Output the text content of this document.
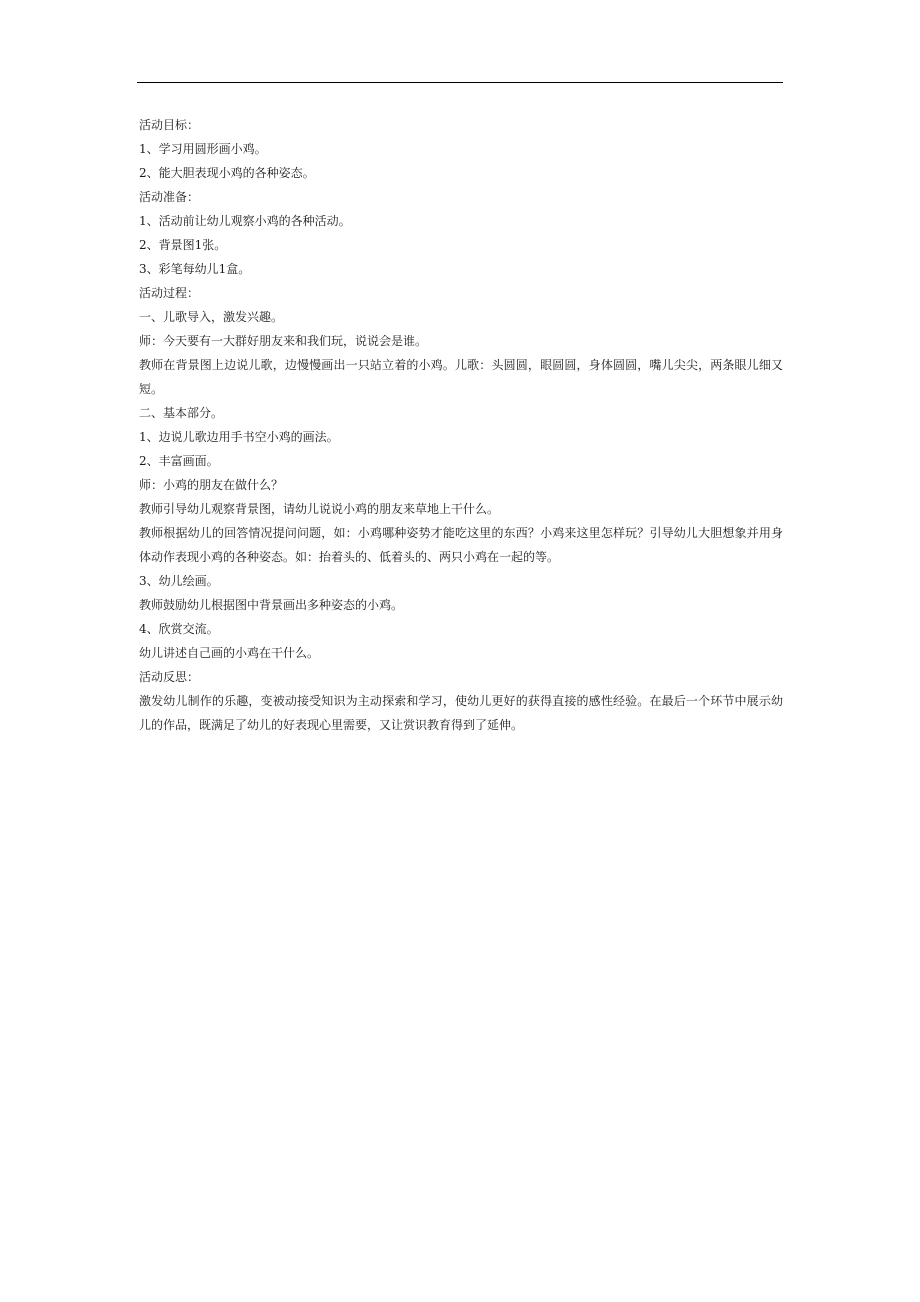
活动目标：

1、学习用圆形画小鸡。

2、能大胆表现小鸡的各种姿态。

活动准备：

1、活动前让幼儿观察小鸡的各种活动。

2、背景图1张。

3、彩笔每幼儿1盒。

活动过程：

一、儿歌导入，激发兴趣。

师：今天要有一大群好朋友来和我们玩，说说会是谁。

教师在背景图上边说儿歌，边慢慢画出一只站立着的小鸡。儿歌：头圆圆，眼圆圆，身体圆圆，嘴儿尖尖，两条眼儿细又短。

二、基本部分。

1、边说儿歌边用手书空小鸡的画法。

2、丰富画面。

师：小鸡的朋友在做什么？

教师引导幼儿观察背景图，请幼儿说说小鸡的朋友来草地上干什么。

教师根据幼儿的回答情况提问问题，如：小鸡哪种姿势才能吃这里的东西？小鸡来这里怎样玩？引导幼儿大胆想象并用身体动作表现小鸡的各种姿态。如：抬着头的、低着头的、两只小鸡在一起的等。

3、幼儿绘画。

教师鼓励幼儿根据图中背景画出多种姿态的小鸡。

4、欣赏交流。

幼儿讲述自己画的小鸡在干什么。

活动反思：

激发幼儿制作的乐趣，变被动接受知识为主动探索和学习，使幼儿更好的获得直接的感性经验。在最后一个环节中展示幼儿的作品，既满足了幼儿的好表现心里需要，又让赏识教育得到了延伸。
